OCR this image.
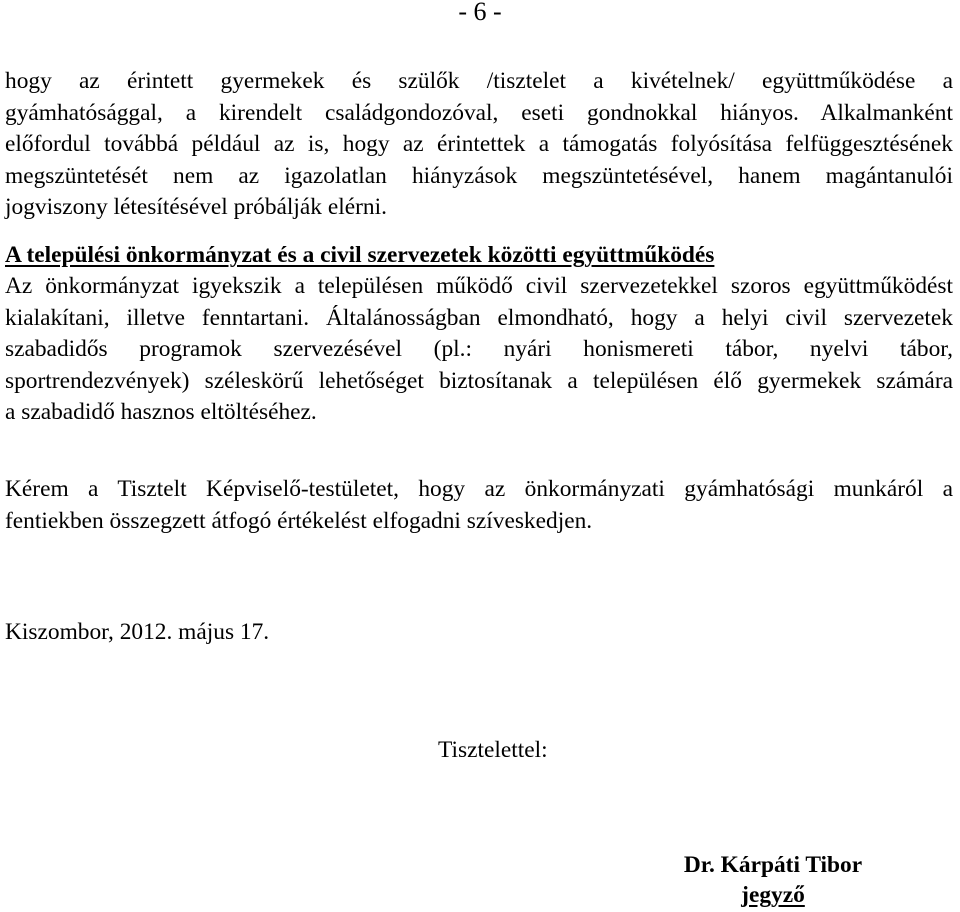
- 6 -
hogy az érintett gyermekek és szülők /tisztelet a kivételnek/ együttműködése a
gyámhatósággal, a kirendelt családgondozóval, eseti gondnokkal hiányos. Alkalmanként
előfordul továbbá például az is, hogy az érintettek a támogatás folyósítása felfüggesztésének
megszüntetését nem az igazolatlan hiányzások megszüntetésével, hanem magántanulói
jogviszony létesítésével próbálják elérni.
A települési önkormányzat és a civil szervezetek közötti együttműködés
Az önkormányzat igyekszik a településen működő civil szervezetekkel szoros együttműködést
kialakítani, illetve fenntartani. Általánosságban elmondható, hogy a helyi civil szervezetek
szabadidős programok szervezésével (pl.: nyári honismereti tábor, nyelvi tábor,
sportrendezvények) széleskörű lehetőséget biztosítanak a településen élő gyermekek számára
a szabadidő hasznos eltöltéséhez.
Kérem a Tisztelt Képviselő-testületet, hogy az önkormányzati gyámhatósági munkáról a
fentiekben összegzett átfogó értékelést elfogadni szíveskedjen.
Kiszombor, 2012. május 17.
Tisztelettel:
Dr. Kárpáti Tibor
jegyző
